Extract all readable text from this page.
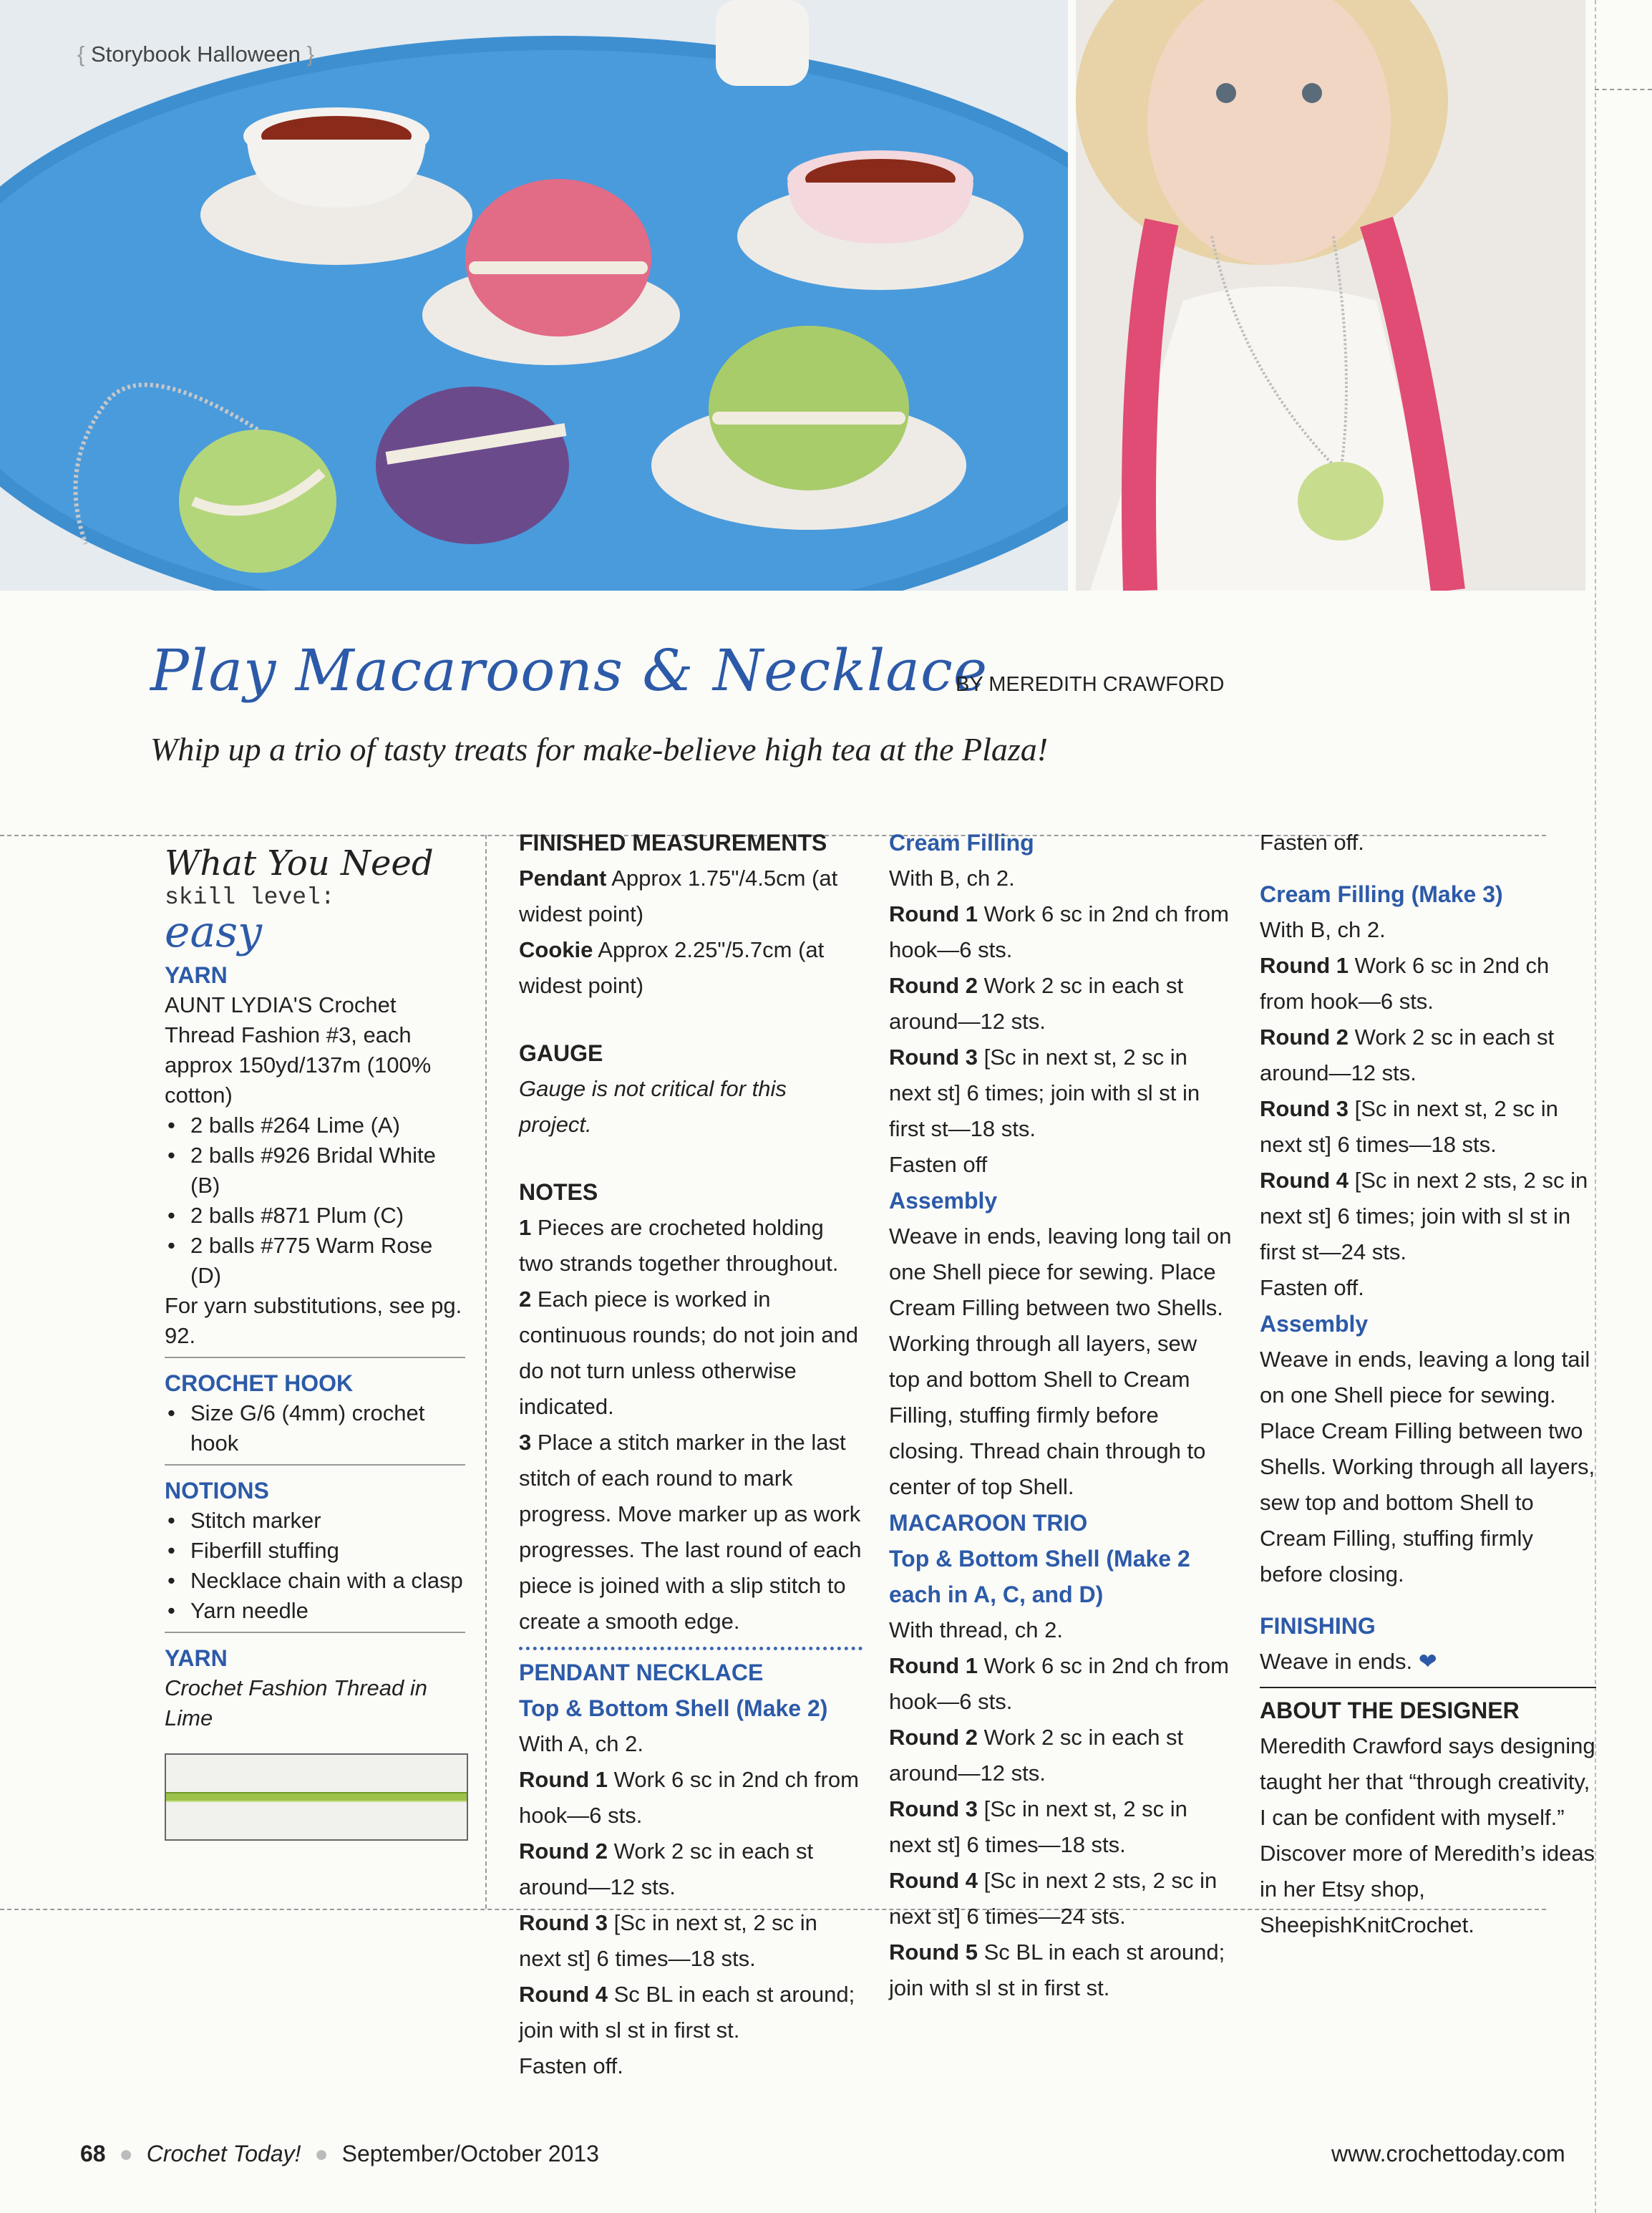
{ Storybook Halloween }
Play Macaroons & Necklace
BY MEREDITH CRAWFORD
Whip up a trio of tasty treats for make-believe high tea at the Plaza!
What You Need
skill level:
easy
YARN
AUNT LYDIA'S Crochet Thread Fashion #3, each approx 150yd/137m (100% cotton)
• 2 balls #264 Lime (A)
• 2 balls #926 Bridal White (B)
• 2 balls #871 Plum (C)
• 2 balls #775 Warm Rose (D)
For yarn substitutions, see pg. 92.
CROCHET HOOK
• Size G/6 (4mm) crochet hook
NOTIONS
• Stitch marker
• Fiberfill stuffing
• Necklace chain with a clasp
• Yarn needle
YARN
Crochet Fashion Thread in Lime
FINISHED MEASUREMENTS
Pendant Approx 1.75"/4.5cm (at widest point)
Cookie Approx 2.25"/5.7cm (at widest point)
GAUGE
Gauge is not critical for this project.
NOTES
1 Pieces are crocheted holding two strands together throughout.
2 Each piece is worked in continuous rounds; do not join and do not turn unless otherwise indicated.
3 Place a stitch marker in the last stitch of each round to mark progress. Move marker up as work progresses. The last round of each piece is joined with a slip stitch to create a smooth edge.
PENDANT NECKLACE
Top & Bottom Shell (Make 2)
With A, ch 2.
Round 1 Work 6 sc in 2nd ch from hook—6 sts.
Round 2 Work 2 sc in each st around—12 sts.
Round 3 [Sc in next st, 2 sc in next st] 6 times—18 sts.
Round 4 Sc BL in each st around; join with sl st in first st.
Fasten off.
Cream Filling
With B, ch 2.
Round 1 Work 6 sc in 2nd ch from hook—6 sts.
Round 2 Work 2 sc in each st around—12 sts.
Round 3 [Sc in next st, 2 sc in next st] 6 times; join with sl st in first st—18 sts.
Fasten off
Assembly
Weave in ends, leaving long tail on one Shell piece for sewing. Place Cream Filling between two Shells. Working through all layers, sew top and bottom Shell to Cream Filling, stuffing firmly before closing. Thread chain through to center of top Shell.
MACAROON TRIO
Top & Bottom Shell (Make 2 each in A, C, and D)
With thread, ch 2.
Round 1 Work 6 sc in 2nd ch from hook—6 sts.
Round 2 Work 2 sc in each st around—12 sts.
Round 3 [Sc in next st, 2 sc in next st] 6 times—18 sts.
Round 4 [Sc in next 2 sts, 2 sc in next st] 6 times—24 sts.
Round 5 Sc BL in each st around; join with sl st in first st.
Fasten off.
Cream Filling (Make 3)
With B, ch 2.
Round 1 Work 6 sc in 2nd ch from hook—6 sts.
Round 2 Work 2 sc in each st around—12 sts.
Round 3 [Sc in next st, 2 sc in next st] 6 times—18 sts.
Round 4 [Sc in next 2 sts, 2 sc in next st] 6 times; join with sl st in first st—24 sts.
Fasten off.
Assembly
Weave in ends, leaving a long tail on one Shell piece for sewing. Place Cream Filling between two Shells. Working through all layers, sew top and bottom Shell to Cream Filling, stuffing firmly before closing.
FINISHING
Weave in ends. ❤
ABOUT THE DESIGNER
Meredith Crawford says designing taught her that “through creativity, I can be confident with myself.” Discover more of Meredith’s ideas in her Etsy shop, SheepishKnitCrochet.
68 ● Crochet Today! ● September/October 2013	www.crochettoday.com
